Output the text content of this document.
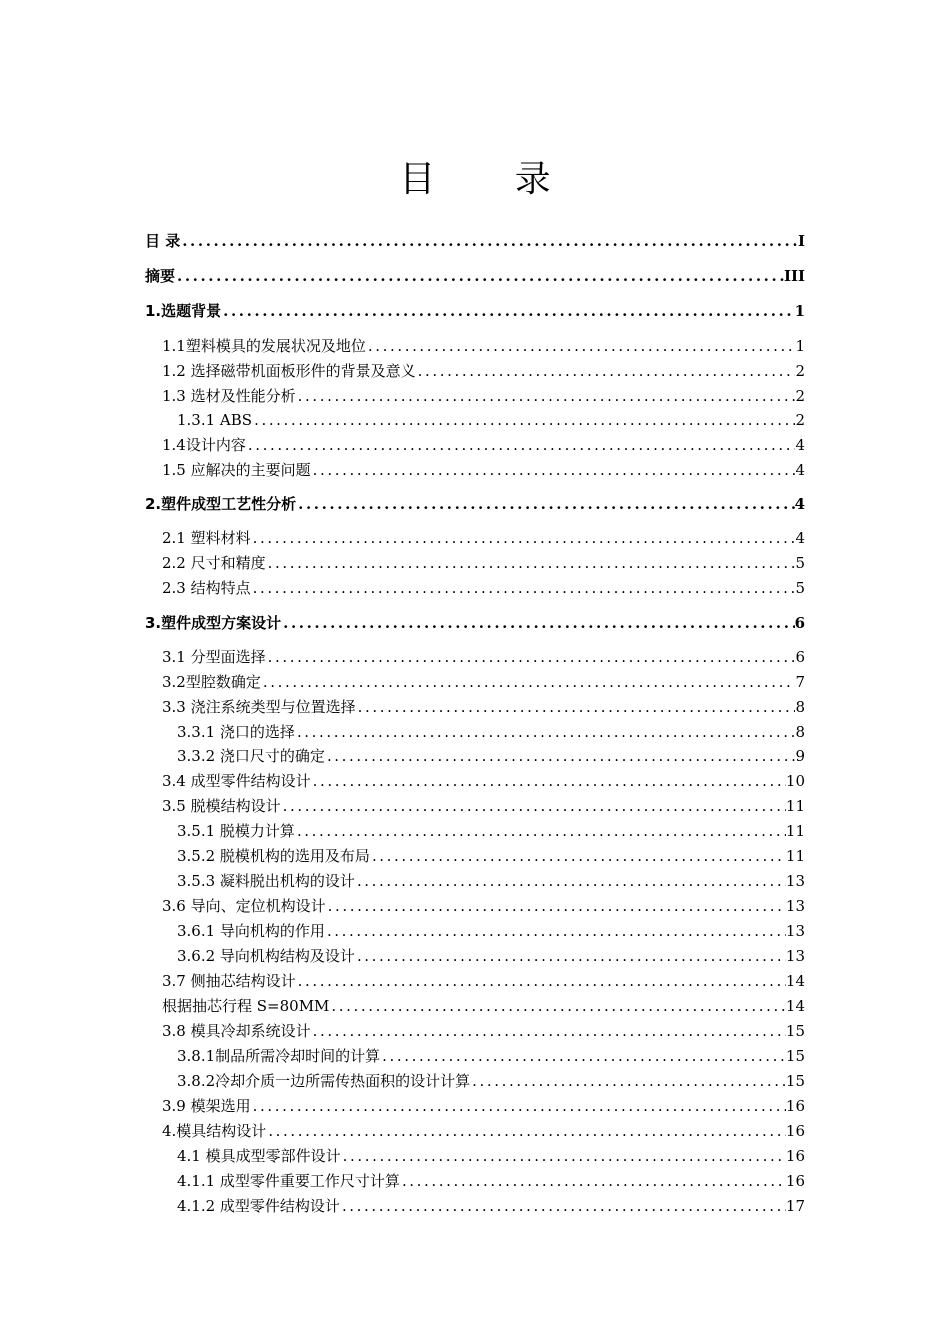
目 录
目 录 .....	I
摘要 .....	III
1.选题背景 .....	1
1.1塑料模具的发展状况及地位 .....	1
1.2 选择磁带机面板形件的背景及意义 .....	2
1.3 选材及性能分析 .....	2
1.3.1 ABS .....	2
1.4设计内容 .....	4
1.5 应解决的主要问题 .....	4
2.塑件成型工艺性分析 .....	4
2.1 塑料材料 .....	4
2.2 尺寸和精度 .....	5
2.3 结构特点 .....	5
3.塑件成型方案设计 .....	6
3.1 分型面选择 .....	6
3.2型腔数确定 .....	7
3.3 浇注系统类型与位置选择 .....	8
3.3.1 浇口的选择 .....	8
3.3.2 浇口尺寸的确定 .....	9
3.4 成型零件结构设计 .....	10
3.5 脱模结构设计 .....	11
3.5.1 脱模力计算 .....	11
3.5.2 脱模机构的选用及布局 .....	11
3.5.3 凝料脱出机构的设计 .....	13
3.6 导向、定位机构设计 .....	13
3.6.1 导向机构的作用 .....	13
3.6.2 导向机构结构及设计 .....	13
3.7 侧抽芯结构设计 .....	14
根据抽芯行程 S=80MM .....	14
3.8 模具冷却系统设计 .....	15
3.8.1制品所需冷却时间的计算 .....	15
3.8.2冷却介质一边所需传热面积的设计计算 .....	15
3.9 模架选用 .....	16
4.模具结构设计 .....	16
4.1 模具成型零部件设计 .....	16
4.1.1 成型零件重要工作尺寸计算 .....	16
4.1.2 成型零件结构设计 .....	17
